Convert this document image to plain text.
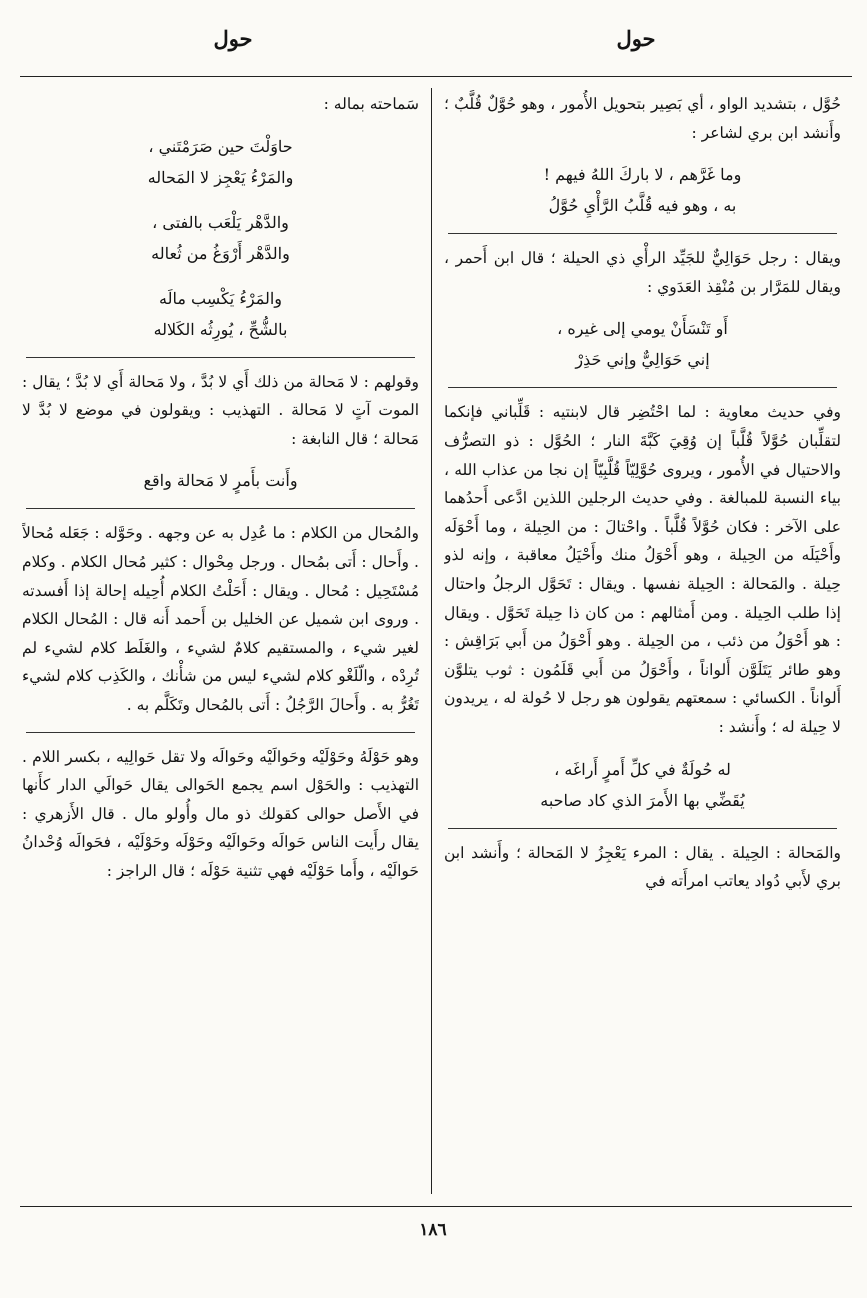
حول
حول

حُوَّل ، بتشديد الواو ، أي بَصِير بتحويل الأُمور ، وهو حُوَّلٌ قُلَّبٌ ؛ وأَنشد ابن بري لشاعر :

وما غَرَّهم ، لا باركَ اللهُ فيهم !
به ، وهو فيه قُلَّبُ الرَّأْيِ حُوَّلُ

ويقال : رجل حَوَالِيٌّ للجَيِّد الرأْي ذي الحيلة ؛ قال ابن أَحمر ، ويقال للمَرَّار بن مُنْقِذ العَدَوي :

أَو تَنْسَأَنْ يومي إلى غيره ،
إني حَوَالِيٌّ وإني حَذِرْ

وفي حديث معاوية : لما احْتُضِر قال لابنتيه : قَلِّباني فإنكما لتقلِّبان حُوَّلاً قُلَّباً إن وُقِيَ كَبَّةَ النار ؛ الحُوَّل : ذو التصرُّف والاحتيال في الأُمور ، ويروى حُوَّلِيّاً قُلَّبِيّاً إن نجا من عذاب الله ، بياء النسبة للمبالغة . وفي حديث الرجلين اللذين ادَّعى أَحدُهما على الآخر : فكان حُوَّلاً قُلَّباً . واحْتالَ : من الحِيلة ، وما أَحْوَلَه وأَحْيَلَه من الحِيلة ، وهو أَحْوَلُ منك وأَحْيَلُ معاقبة ، وإنه لذو حِيلة . والمَحالة : الحِيلة نفسها . ويقال : تَحَوَّل الرجلُ واحتال إذا طلب الحِيلة . ومن أَمثالهم : من كان ذا حِيلة تَحَوَّل . ويقال : هو أَحْوَلُ من ذئب ، من الحِيلة . وهو أَحْوَلُ من أَبي بَرَاقِش : وهو طائر يَتَلَوَّن أَلواناً ، وأَحْوَلُ من أَبي قَلَمُون : ثوب يتلوَّن أَلواناً . الكسائي : سمعتهم يقولون هو رجل لا حُولة له ، يريدون لا حِيلة له ؛ وأَنشد :

له حُولَةٌ في كلِّ أَمرٍ أَراغَه ،
يُقَضِّي بها الأَمرَ الذي كاد صاحبه

والمَحالة : الحِيلة . يقال : المرء يَعْجِزُ لا المَحالة ؛ وأَنشد ابن بري لأَبي دُواد يعاتب امرأَته في

سَماحته بماله :

حاوَلْتَ حين صَرَمْتَني ،
والمَرْءُ يَعْجِز لا المَحاله
والدَّهْر يَلْعَب بالفتى ،
والدَّهْر أَرْوَغُ من ثُعاله
والمَرْءُ يَكْسِب مالَه
بالشُّحِّ ، يُورِثُه الكَلاله

وقولهم : لا مَحالة من ذلك أَي لا بُدَّ ، ولا مَحالة أَي لا بُدَّ ؛ يقال : الموت آتٍ لا مَحالة . التهذيب : ويقولون في موضع لا بُدَّ لا مَحالة ؛ قال النابغة :

وأَنت بأَمرٍ لا مَحالة واقع

والمُحال من الكلام : ما عُدِل به عن وجهه . وحَوَّله : جَعَله مُحالاً . وأَحال : أَتى بمُحال . ورجل مِحْوال : كثير مُحال الكلام . وكلام مُسْتَحِيل : مُحال . ويقال : أَحَلْتُ الكلام أُحِيله إحالة إذا أَفسدته . وروى ابن شميل عن الخليل بن أَحمد أَنه قال : المُحال الكلام لغير شيء ، والمستقيم كلامٌ لشيء ، والغَلَط كلام لشيء لم تُرِدْه ، والّلَغْو كلام لشيء ليس من شأْنك ، والكَذِب كلام لشيء تَغُرُّ به . وأَحالَ الرَّجُلُ : أَتى بالمُحال وتَكَلَّم به .

وهو حَوْلَهُ وحَوْلَيْه وحَوالَيْه وحَوالَه ولا تقل حَوالِيه ، بكسر اللام . التهذيب : والحَوْل اسم يجمع الحَوالى يقال حَوالَي الدار كأَنها في الأَصل حوالى كقولك ذو مال وأُولو مال . قال الأَزهري : يقال رأَيت الناس حَوالَه وحَوالَيْه وحَوْلَه وحَوْلَيْه ، فحَوالَه وُحْدانُ حَوالَيْه ، وأَما حَوْلَيْه فهي تثنية حَوْلَه ؛ قال الراجز :

١٨٦
